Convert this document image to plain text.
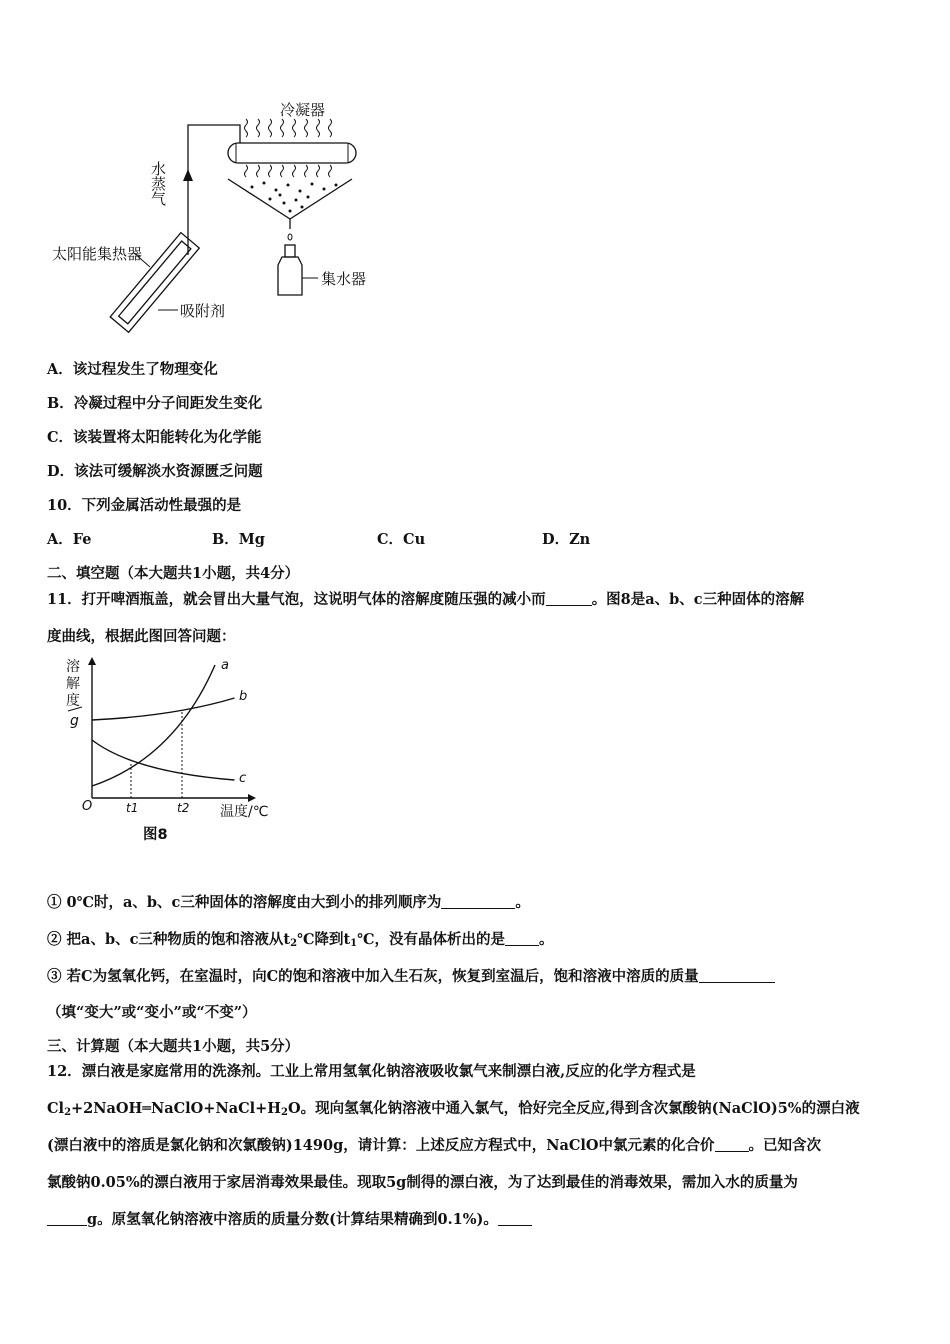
冷凝器
水蒸气
太阳能集热器
吸附剂
集水器
A．该过程发生了物理变化
B．冷凝过程中分子间距发生变化
C．该装置将太阳能转化为化学能
D．该法可缓解淡水资源匮乏问题
10．下列金属活动性最强的是
A．Fe	B．Mg	C．Cu	D．Zn
二、填空题（本大题共1小题，共4分）
11．打开啤酒瓶盖，就会冒出大量气泡，这说明气体的溶解度随压强的减小而	。图8是a、b、c三种固体的溶解
度曲线，根据此图回答问题：
溶
解
度
g
O	温度/℃
t1	t2
a
b
c
图8
① 0℃时，a、b、c三种固体的溶解度由大到小的排列顺序为	。
② 把a、b、c三种物质的饱和溶液从$t_2℃$降到$t_1℃$，没有晶体析出的是 。
③ 若C为氢氧化钙，在室温时，向C的饱和溶液中加入生石灰，恢复到室温后，饱和溶液中溶质的质量
（填“变大”或“变小”或“不变”）
三、计算题（本大题共1小题，共5分）
12．漂白液是家庭常用的洗涤剂。工业上常用氢氧化钠溶液吸收氯气来制漂白液,反应的化学方程式是
$Cl_2+2NaOH═NaClO+NaCl+H_2O$。现向氢氧化钠溶液中通入氯气，恰好完全反应,得到含次氯酸钠(NaClO)5%的漂白液
(漂白液中的溶质是氯化钠和次氯酸钠)1490g，请计算：上述反应方程式中，NaClO中氯元素的化合价 。已知含次
氯酸钠0.05%的漂白液用于家居消毒效果最佳。现取5g制得的漂白液，为了达到最佳的消毒效果，需加入水的质量为
g。原氢氧化钠溶液中溶质的质量分数(计算结果精确到0.1%)。
